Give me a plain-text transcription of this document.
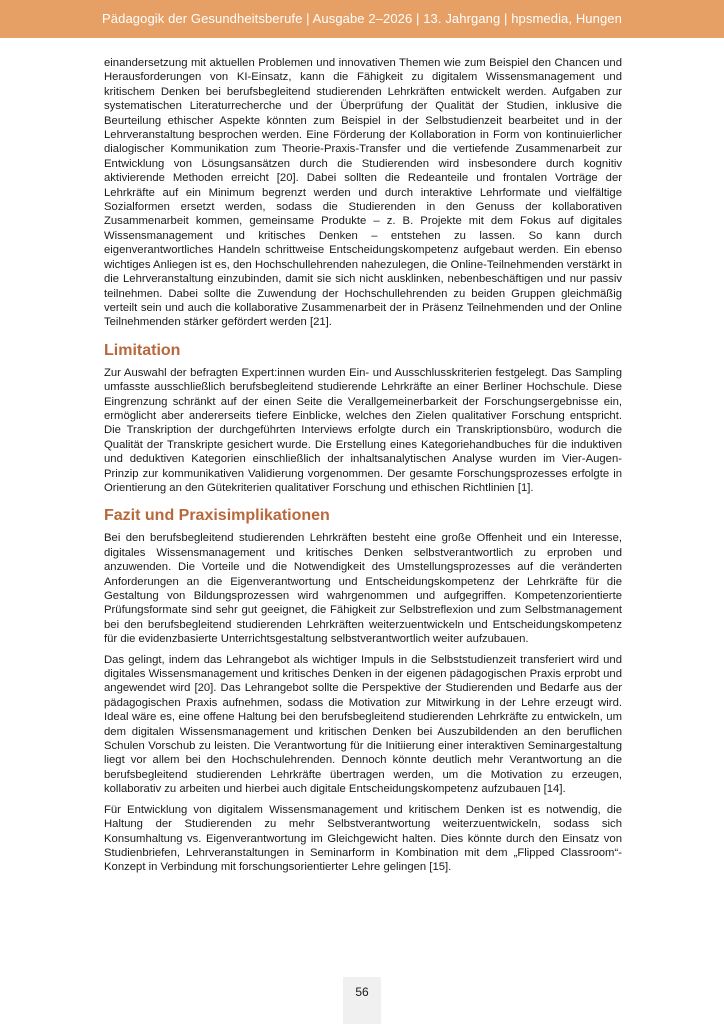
Pädagogik der Gesundheitsberufe | Ausgabe 2–2026 | 13. Jahrgang | hpsmedia, Hungen

einandersetzung mit aktuellen Problemen und innovativen Themen wie zum Beispiel den Chancen und Herausforderungen von KI-Einsatz, kann die Fähigkeit zu digitalem Wissensmanagement und kritischem Denken bei berufsbegleitend studierenden Lehrkräften entwickelt werden. Aufgaben zur systematischen Literaturrecherche und der Überprüfung der Qualität der Studien, inklusive die Beurteilung ethischer Aspekte könnten zum Beispiel in der Selbstudienzeit bearbeitet und in der Lehrveranstaltung besprochen werden. Eine Förderung der Kollaboration in Form von kontinuierlicher dialogischer Kommunikation zum Theorie-Praxis-Transfer und die vertiefende Zusammenarbeit zur Entwicklung von Lösungsansätzen durch die Studierenden wird insbesondere durch kognitiv aktivierende Methoden erreicht [20]. Dabei sollten die Redeanteile und frontalen Vorträge der Lehrkräfte auf ein Minimum begrenzt werden und durch interaktive Lehrformate und vielfältige Sozialformen ersetzt werden, sodass die Studierenden in den Genuss der kollaborativen Zusammenarbeit kommen, gemeinsame Produkte – z. B. Projekte mit dem Fokus auf digitales Wissensmanagement und kritisches Denken – entstehen zu lassen. So kann durch eigenverantwortliches Handeln schrittweise Entscheidungskompetenz aufgebaut werden. Ein ebenso wichtiges Anliegen ist es, den Hochschullehrenden nahezulegen, die Online-Teilnehmenden verstärkt in die Lehrveranstaltung einzubinden, damit sie sich nicht ausklinken, nebenbeschäftigen und nur passiv teilnehmen. Dabei sollte die Zuwendung der Hochschullehrenden zu beiden Gruppen gleichmäßig verteilt sein und auch die kollaborative Zusammenarbeit der in Präsenz Teilnehmenden und der Online Teilnehmenden stärker gefördert werden [21].

Limitation

Zur Auswahl der befragten Expert:innen wurden Ein- und Ausschlusskriterien festgelegt. Das Sampling umfasste ausschließlich berufsbegleitend studierende Lehrkräfte an einer Berliner Hochschule. Diese Eingrenzung schränkt auf der einen Seite die Verallgemeinerbarkeit der Forschungsergebnisse ein, ermöglicht aber andererseits tiefere Einblicke, welches den Zielen qualitativer Forschung entspricht. Die Transkription der durchgeführten Interviews erfolgte durch ein Transkriptionsbüro, wodurch die Qualität der Transkripte gesichert wurde. Die Erstellung eines Kategoriehandbuches für die induktiven und deduktiven Kategorien einschließlich der inhaltsanalytischen Analyse wurden im Vier-Augen-Prinzip zur kommunikativen Validierung vorgenommen. Der gesamte Forschungsprozesses erfolgte in Orientierung an den Gütekriterien qualitativer Forschung und ethischen Richtlinien [1].

Fazit und Praxisimplikationen

Bei den berufsbegleitend studierenden Lehrkräften besteht eine große Offenheit und ein Interesse, digitales Wissensmanagement und kritisches Denken selbstverantwortlich zu erproben und anzuwenden. Die Vorteile und die Notwendigkeit des Umstellungsprozesses auf die veränderten Anforderungen an die Eigenverantwortung und Entscheidungskompetenz der Lehrkräfte für die Gestaltung von Bildungsprozessen wird wahrgenommen und aufgegriffen. Kompetenzorientierte Prüfungsformate sind sehr gut geeignet, die Fähigkeit zur Selbstreflexion und zum Selbstmanagement bei den berufsbegleitend studierenden Lehrkräften weiterzuentwickeln und Entscheidungskompetenz für die evidenzbasierte Unterrichtsgestaltung selbstverantwortlich weiter aufzubauen.

Das gelingt, indem das Lehrangebot als wichtiger Impuls in die Selbststudienzeit transferiert wird und digitales Wissensmanagement und kritisches Denken in der eigenen pädagogischen Praxis erprobt und angewendet wird [20]. Das Lehrangebot sollte die Perspektive der Studierenden und Bedarfe aus der pädagogischen Praxis aufnehmen, sodass die Motivation zur Mitwirkung in der Lehre erzeugt wird. Ideal wäre es, eine offene Haltung bei den berufsbegleitend studierenden Lehrkräfte zu entwickeln, um dem digitalen Wissensmanagement und kritischen Denken bei Auszubildenden an den beruflichen Schulen Vorschub zu leisten. Die Verantwortung für die Initiierung einer interaktiven Seminargestaltung liegt vor allem bei den Hochschulehrenden. Dennoch könnte deutlich mehr Verantwortung an die berufsbegleitend studierenden Lehrkräfte übertragen werden, um die Motivation zu erzeugen, kollaborativ zu arbeiten und hierbei auch digitale Entscheidungskompetenz aufzubauen [14].

Für Entwicklung von digitalem Wissensmanagement und kritischem Denken ist es notwendig, die Haltung der Studierenden zu mehr Selbstverantwortung weiterzuentwickeln, sodass sich Konsumhaltung vs. Eigenverantwortung im Gleichgewicht halten. Dies könnte durch den Einsatz von Studienbriefen, Lehrveranstaltungen in Seminarform in Kombination mit dem „Flipped Classroom“-Konzept in Verbindung mit forschungsorientierter Lehre gelingen [15].

56
